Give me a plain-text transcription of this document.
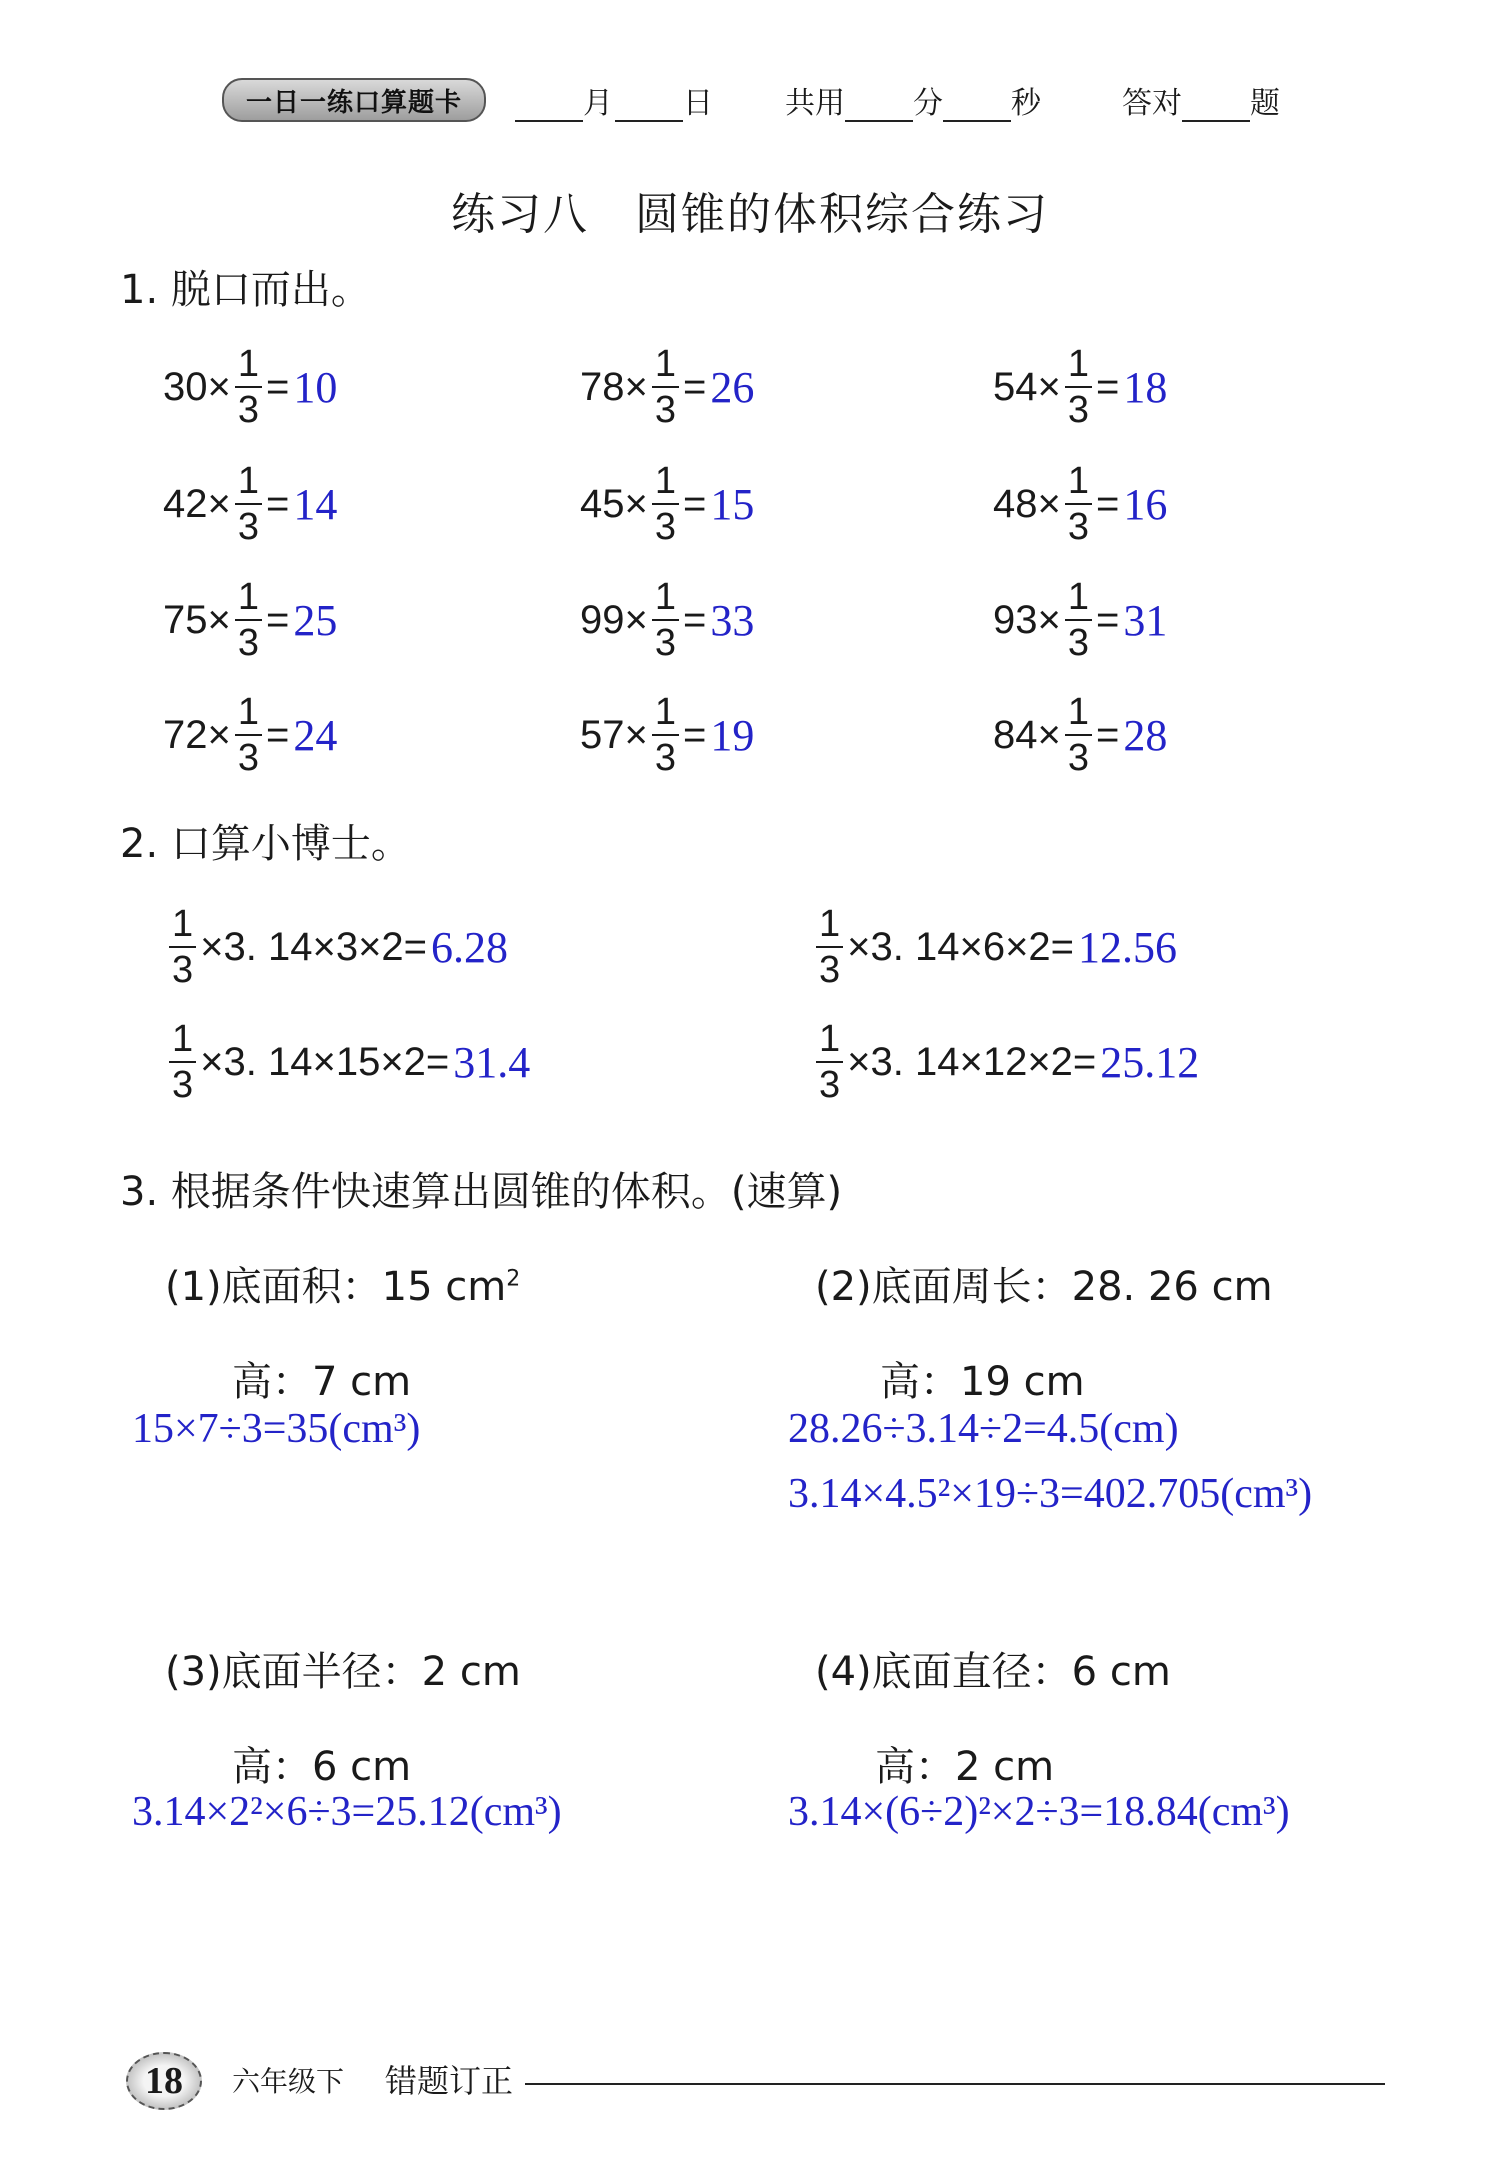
一日一练口算题卡	月 日 共用 分 秒	答对 题
练习八　圆锥的体积综合练习
1. 脱口而出。
$30 \times \frac{1}{3} = 10$	$78 \times \frac{1}{3} = 26$	$54 \times \frac{1}{3} = 18$
$42 \times \frac{1}{3} = 14$	$45 \times \frac{1}{3} = 15$	$48 \times \frac{1}{3} = 16$
$75 \times \frac{1}{3} = 25$	$99 \times \frac{1}{3} = 33$	$93 \times \frac{1}{3} = 31$
$72 \times \frac{1}{3} = 24$	$57 \times \frac{1}{3} = 19$	$84 \times \frac{1}{3} = 28$
2. 口算小博士。
$\frac{1}{3} \times 3$. 14×3×2= 6.28	$\frac{1}{3} \times 3$. 14×6×2= 12.56
$\frac{1}{3} \times 3$. 14×15×2= 31.4	$\frac{1}{3} \times 3$. 14×12×2= 25.12
3. 根据条件快速算出圆锥的体积。(速算)
(1)底面积：15 $cm^2$
高：7 cm
15×7÷3=35(cm³)
(2)底面周长：28. 26 cm
高：19 cm
28.26÷3.14÷2=4.5(cm)
3.14×4.5²×19÷3=402.705(cm³)
(3)底面半径：2 cm
高：6 cm
3.14×2²×6÷3=25.12(cm³)
(4)底面直径：6 cm
高：2 cm
3.14×(6÷2)²×2÷3=18.84(cm³)
18	六年级下 错题订正
